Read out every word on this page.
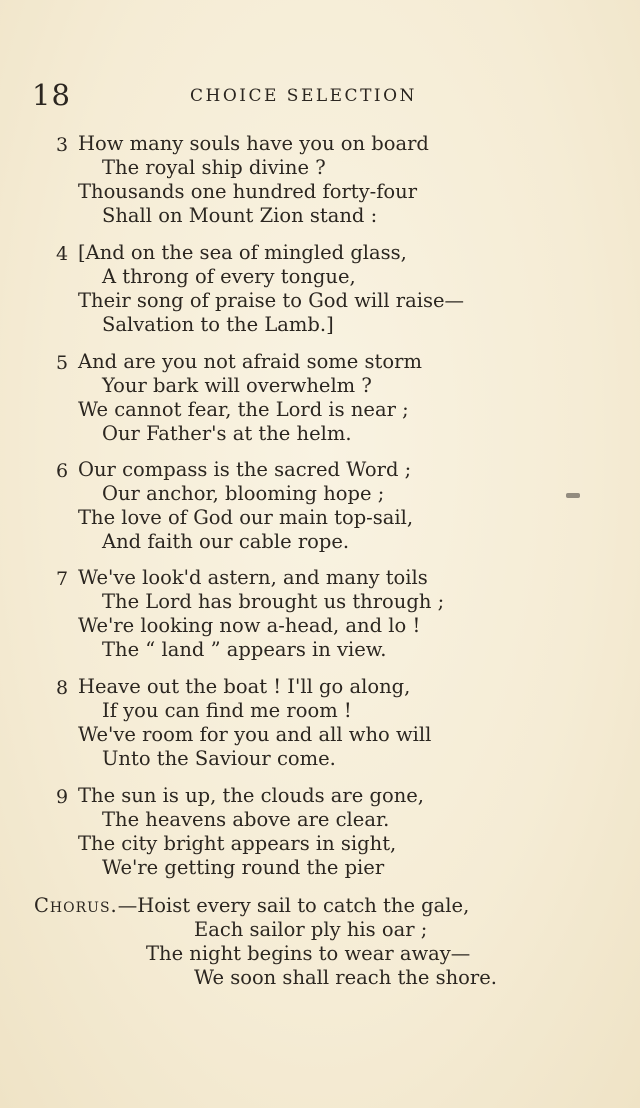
18	CHOICE SELECTION
3 How many souls have you on board
The royal ship divine ?
Thousands one hundred forty-four
Shall on Mount Zion stand :
4 [And on the sea of mingled glass,
A throng of every tongue,
Their song of praise to God will raise—
Salvation to the Lamb.]
5 And are you not afraid some storm
Your bark will overwhelm ?
We cannot fear, the Lord is near ;
Our Father's at the helm.
6 Our compass is the sacred Word ;
Our anchor, blooming hope ;
The love of God our main top-sail,
And faith our cable rope.
7 We've look'd astern, and many toils
The Lord has brought us through ;
We're looking now a-head, and lo !
The “ land ” appears in view.
8 Heave out the boat ! I'll go along,
If you can find me room !
We've room for you and all who will
Unto the Saviour come.
9 The sun is up, the clouds are gone,
The heavens above are clear.
The city bright appears in sight,
We're getting round the pier
Chorus.—Hoist every sail to catch the gale,
Each sailor ply his oar ;
The night begins to wear away—
We soon shall reach the shore.
